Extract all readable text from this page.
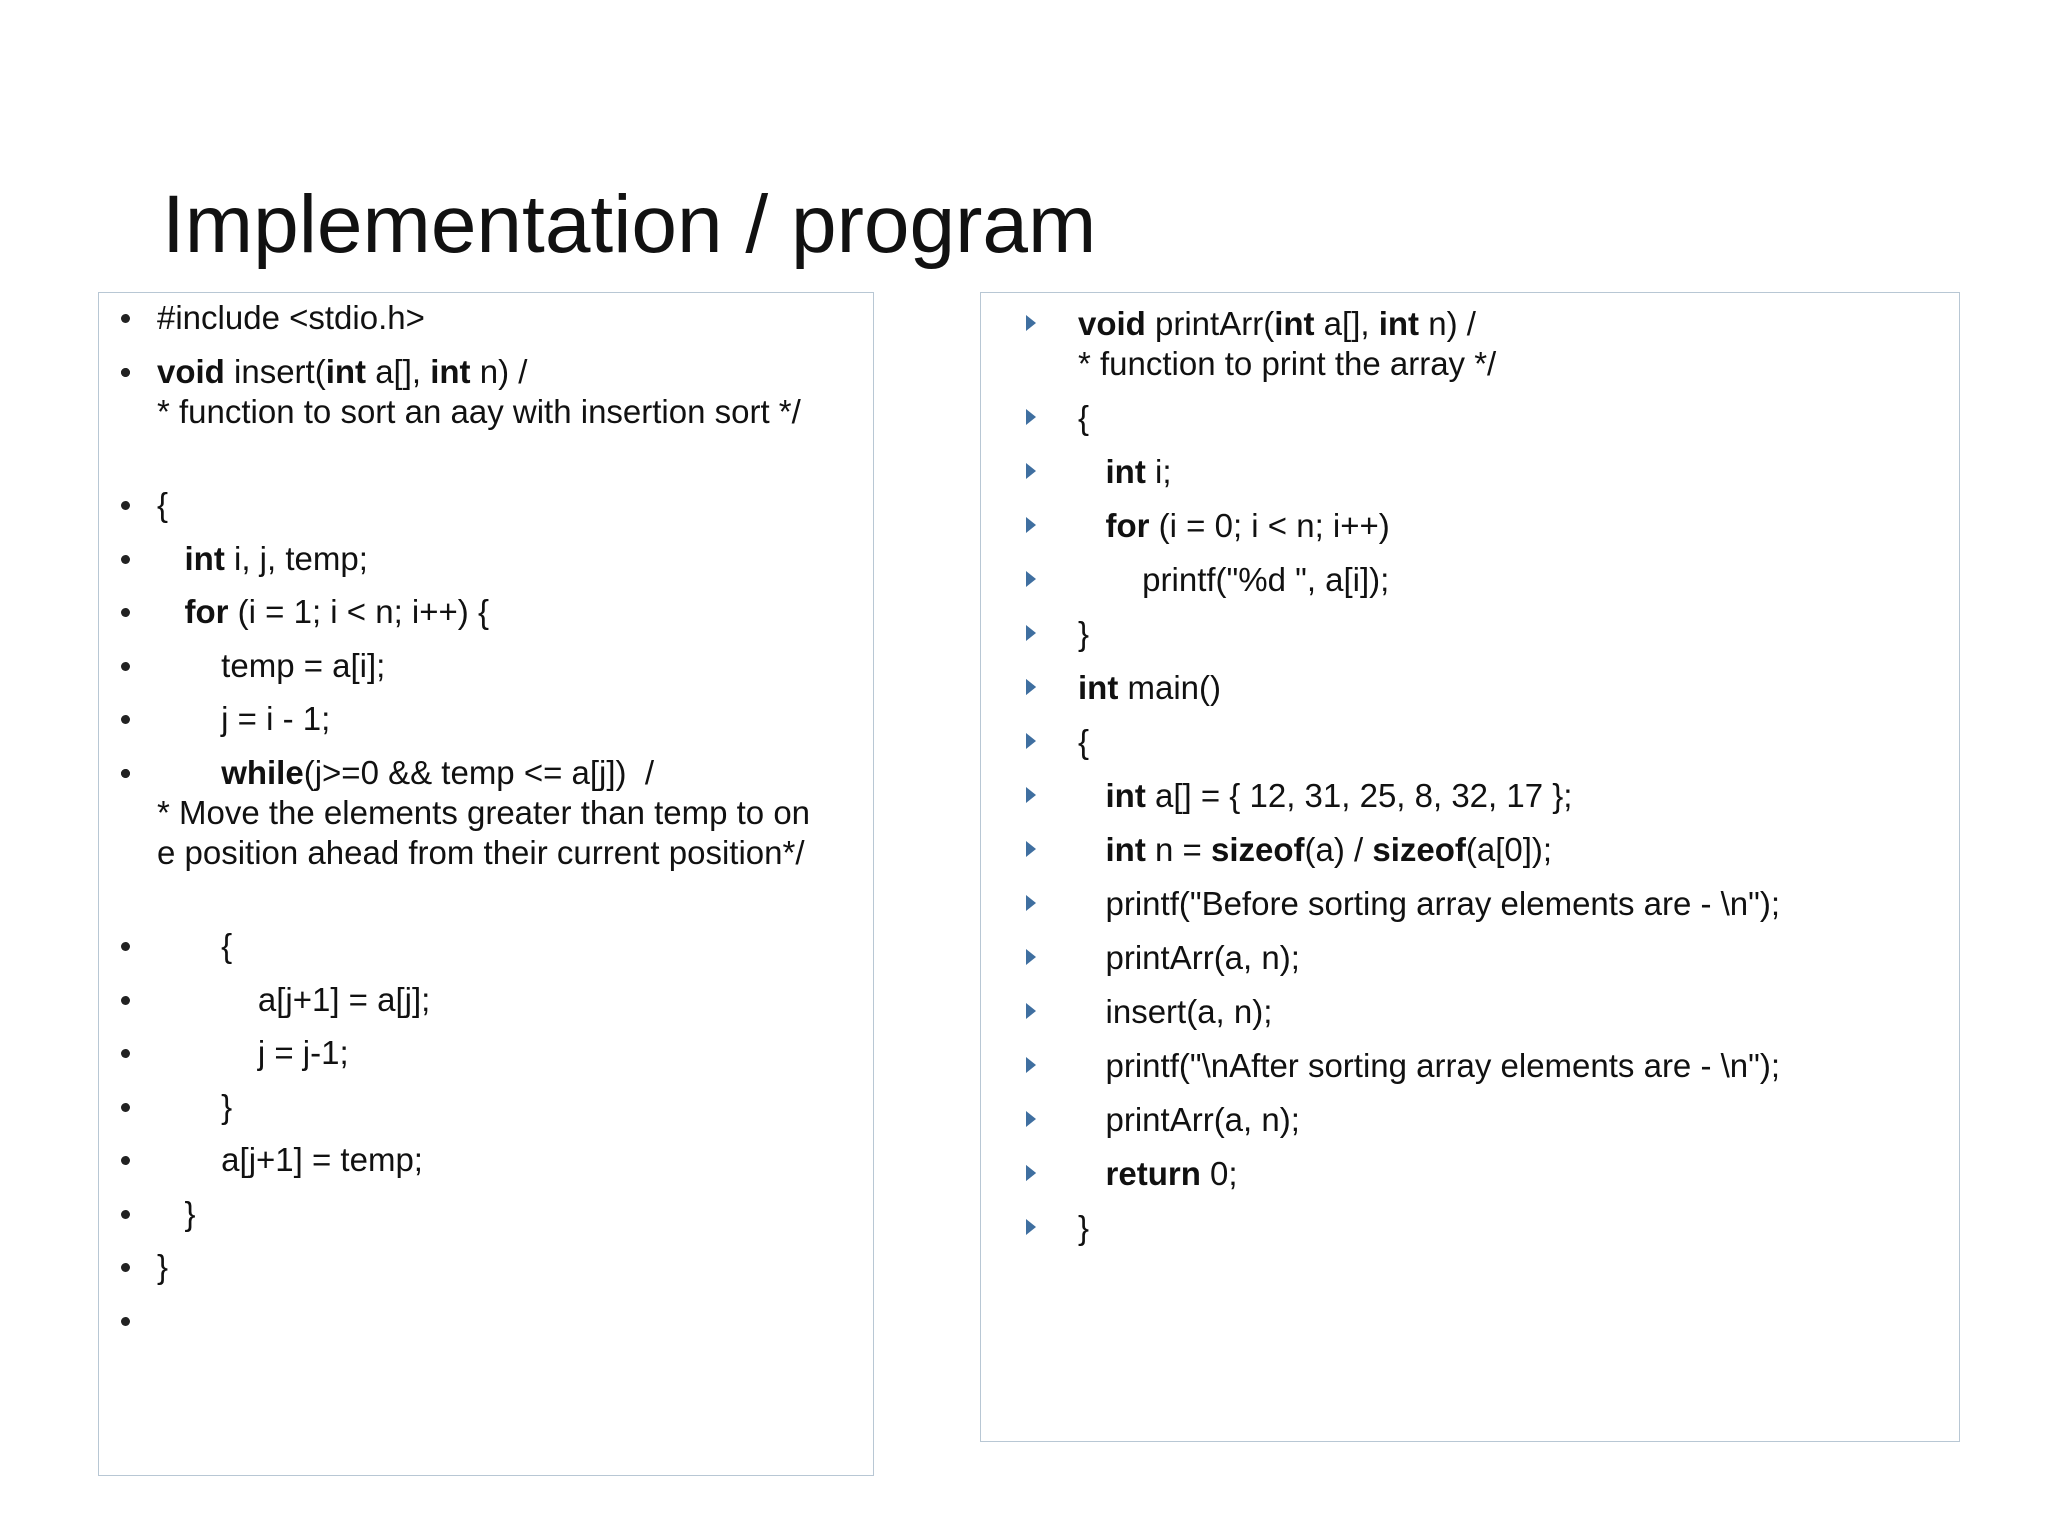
Implementation / program
#include <stdio.h>
void insert(int a[], int n) /
* function to sort an aay with insertion sort */
{
int i, j, temp;
for (i = 1; i < n; i++) {
temp = a[i];
j = i - 1;
while(j>=0 && temp <= a[j])  /
* Move the elements greater than temp to on
e position ahead from their current position*/
{
a[j+1] = a[j];
j = j-1;
}
a[j+1] = temp;
}
}
void printArr(int a[], int n) /
* function to print the array */
{
int i;
for (i = 0; i < n; i++)
printf("%d ", a[i]);
}
int main()
{
int a[] = { 12, 31, 25, 8, 32, 17 };
int n = sizeof(a) / sizeof(a[0]);
printf("Before sorting array elements are - \n");
printArr(a, n);
insert(a, n);
printf("\nAfter sorting array elements are - \n");
printArr(a, n);
return 0;
}
